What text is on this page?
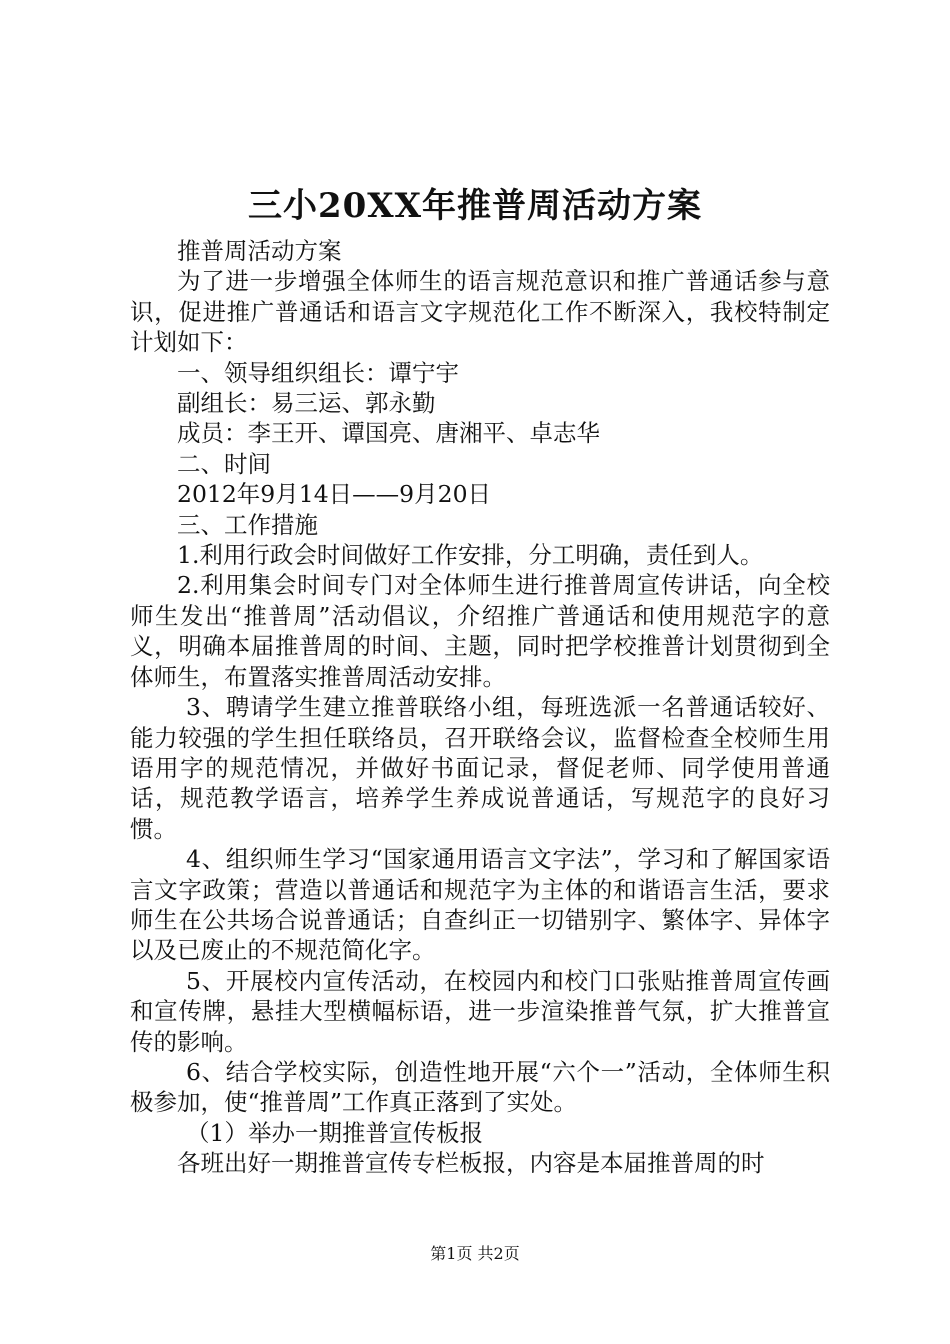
三小20XX年推普周活动方案

推普周活动方案

为了进一步增强全体师生的语言规范意识和推广普通话参与意识，促进推广普通话和语言文字规范化工作不断深入，我校特制定计划如下：

一、领导组织组长：谭宁宇

副组长：易三运、郭永勤

成员：李王开、谭国亮、唐湘平、卓志华

二、时间

2012年9月14日——9月20日

三、工作措施

1.利用行政会时间做好工作安排，分工明确，责任到人。

2.利用集会时间专门对全体师生进行推普周宣传讲话，向全校师生发出“推普周”活动倡议，介绍推广普通话和使用规范字的意义，明确本届推普周的时间、主题，同时把学校推普计划贯彻到全体师生，布置落实推普周活动安排。

3、聘请学生建立推普联络小组，每班选派一名普通话较好、能力较强的学生担任联络员，召开联络会议，监督检查全校师生用语用字的规范情况，并做好书面记录，督促老师、同学使用普通话，规范教学语言，培养学生养成说普通话，写规范字的良好习惯。

4、组织师生学习“国家通用语言文字法”，学习和了解国家语言文字政策；营造以普通话和规范字为主体的和谐语言生活，要求师生在公共场合说普通话；自查纠正一切错别字、繁体字、异体字以及已废止的不规范简化字。

5、开展校内宣传活动，在校园内和校门口张贴推普周宣传画和宣传牌，悬挂大型横幅标语，进一步渲染推普气氛，扩大推普宣传的影响。

6、结合学校实际，创造性地开展“六个一”活动，全体师生积极参加，使“推普周”工作真正落到了实处。

（1）举办一期推普宣传板报

各班出好一期推普宣传专栏板报，内容是本届推普周的时

第1页 共2页
